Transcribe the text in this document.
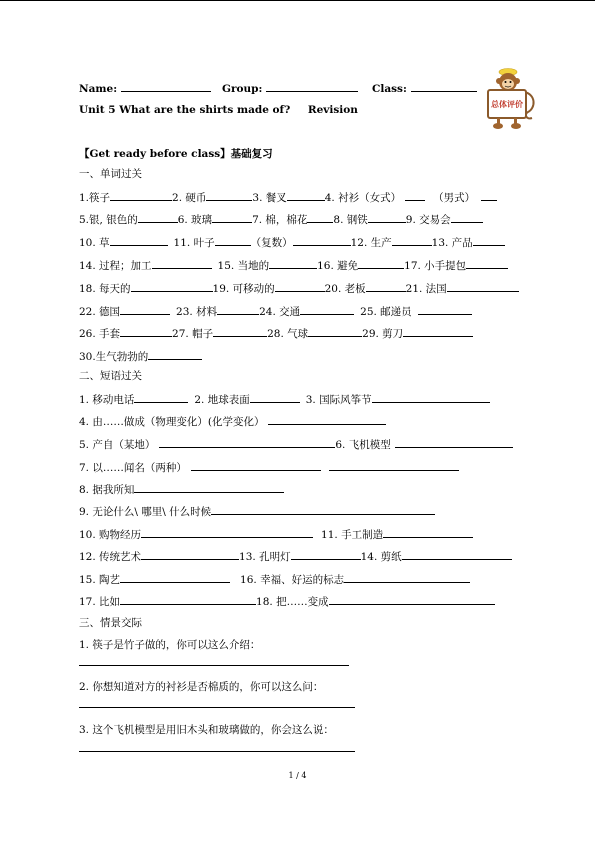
Name:	Group:	Class:
Unit 5 What are the shirts made of? Revision	总体评价
【Get ready before class】基础复习
一、单词过关
1.筷子	2. 硬币	3. 餐叉	4. 衬衫（女式）	（男式）
5.银, 银色的	6. 玻璃	7. 棉，棉花 8. 钢铁	9. 交易会
10. 草	11. 叶子	（复数）	12. 生产	13. 产品
14. 过程；加工	15. 当地的	16. 避免	17. 小手提包
18. 每天的	19. 可移动的	20. 老板	21. 法国
22. 德国	23. 材料	24. 交通	25. 邮递员
26. 手套	27. 帽子	28. 气球	29. 剪刀
30.生气勃勃的
二、短语过关
1. 移动电话	2. 地球表面	3. 国际风筝节
4. 由……做成（物理变化）(化学变化）
5. 产自（某地）	6. 飞机模型
7. 以……闻名（两种）
8. 据我所知
9. 无论什么\ 哪里\ 什么时候
10. 购物经历	11. 手工制造
12. 传统艺术	13. 孔明灯	14. 剪纸
15. 陶艺	16. 幸福、好运的标志
17. 比如	18. 把……变成
三、情景交际
1. 筷子是竹子做的，你可以这么介绍：
2. 你想知道对方的衬衫是否棉质的，你可以这么问：
3. 这个飞机模型是用旧木头和玻璃做的，你会这么说：
1 / 4
